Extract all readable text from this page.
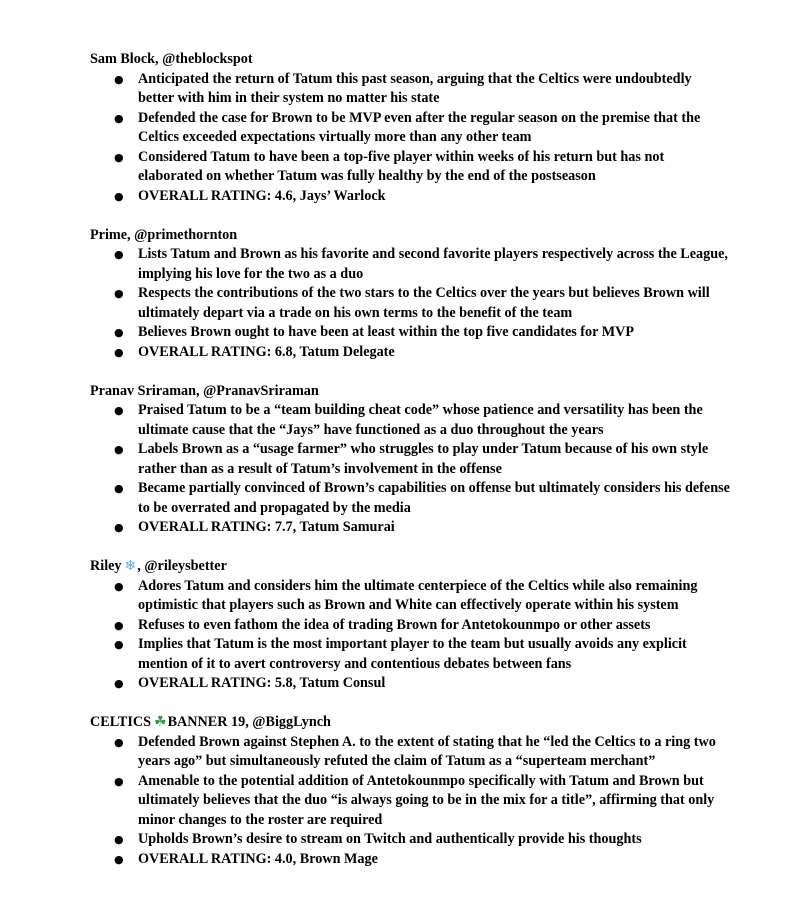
Sam Block, @theblockspot
● Anticipated the return of Tatum this past season, arguing that the Celtics were undoubtedly better with him in their system no matter his state
● Defended the case for Brown to be MVP even after the regular season on the premise that the Celtics exceeded expectations virtually more than any other team
● Considered Tatum to have been a top-five player within weeks of his return but has not elaborated on whether Tatum was fully healthy by the end of the postseason
● OVERALL RATING: 4.6, Jays’ Warlock
Prime, @primethornton
● Lists Tatum and Brown as his favorite and second favorite players respectively across the League, implying his love for the two as a duo
● Respects the contributions of the two stars to the Celtics over the years but believes Brown will ultimately depart via a trade on his own terms to the benefit of the team
● Believes Brown ought to have been at least within the top five candidates for MVP
● OVERALL RATING: 6.8, Tatum Delegate
Pranav Sriraman, @PranavSriraman
● Praised Tatum to be a “team building cheat code” whose patience and versatility has been the ultimate cause that the “Jays” have functioned as a duo throughout the years
● Labels Brown as a “usage farmer” who struggles to play under Tatum because of his own style rather than as a result of Tatum’s involvement in the offense
● Became partially convinced of Brown’s capabilities on offense but ultimately considers his defense to be overrated and propagated by the media
● OVERALL RATING: 7.7, Tatum Samurai
Riley ❄, @rileysbetter
● Adores Tatum and considers him the ultimate centerpiece of the Celtics while also remaining optimistic that players such as Brown and White can effectively operate within his system
● Refuses to even fathom the idea of trading Brown for Antetokounmpo or other assets
● Implies that Tatum is the most important player to the team but usually avoids any explicit mention of it to avert controversy and contentious debates between fans
● OVERALL RATING: 5.8, Tatum Consul
CELTICS ☘BANNER 19, @BiggLynch
● Defended Brown against Stephen A. to the extent of stating that he “led the Celtics to a ring two years ago” but simultaneously refuted the claim of Tatum as a “superteam merchant”
● Amenable to the potential addition of Antetokounmpo specifically with Tatum and Brown but ultimately believes that the duo “is always going to be in the mix for a title”, affirming that only minor changes to the roster are required
● Upholds Brown’s desire to stream on Twitch and authentically provide his thoughts
● OVERALL RATING: 4.0, Brown Mage
